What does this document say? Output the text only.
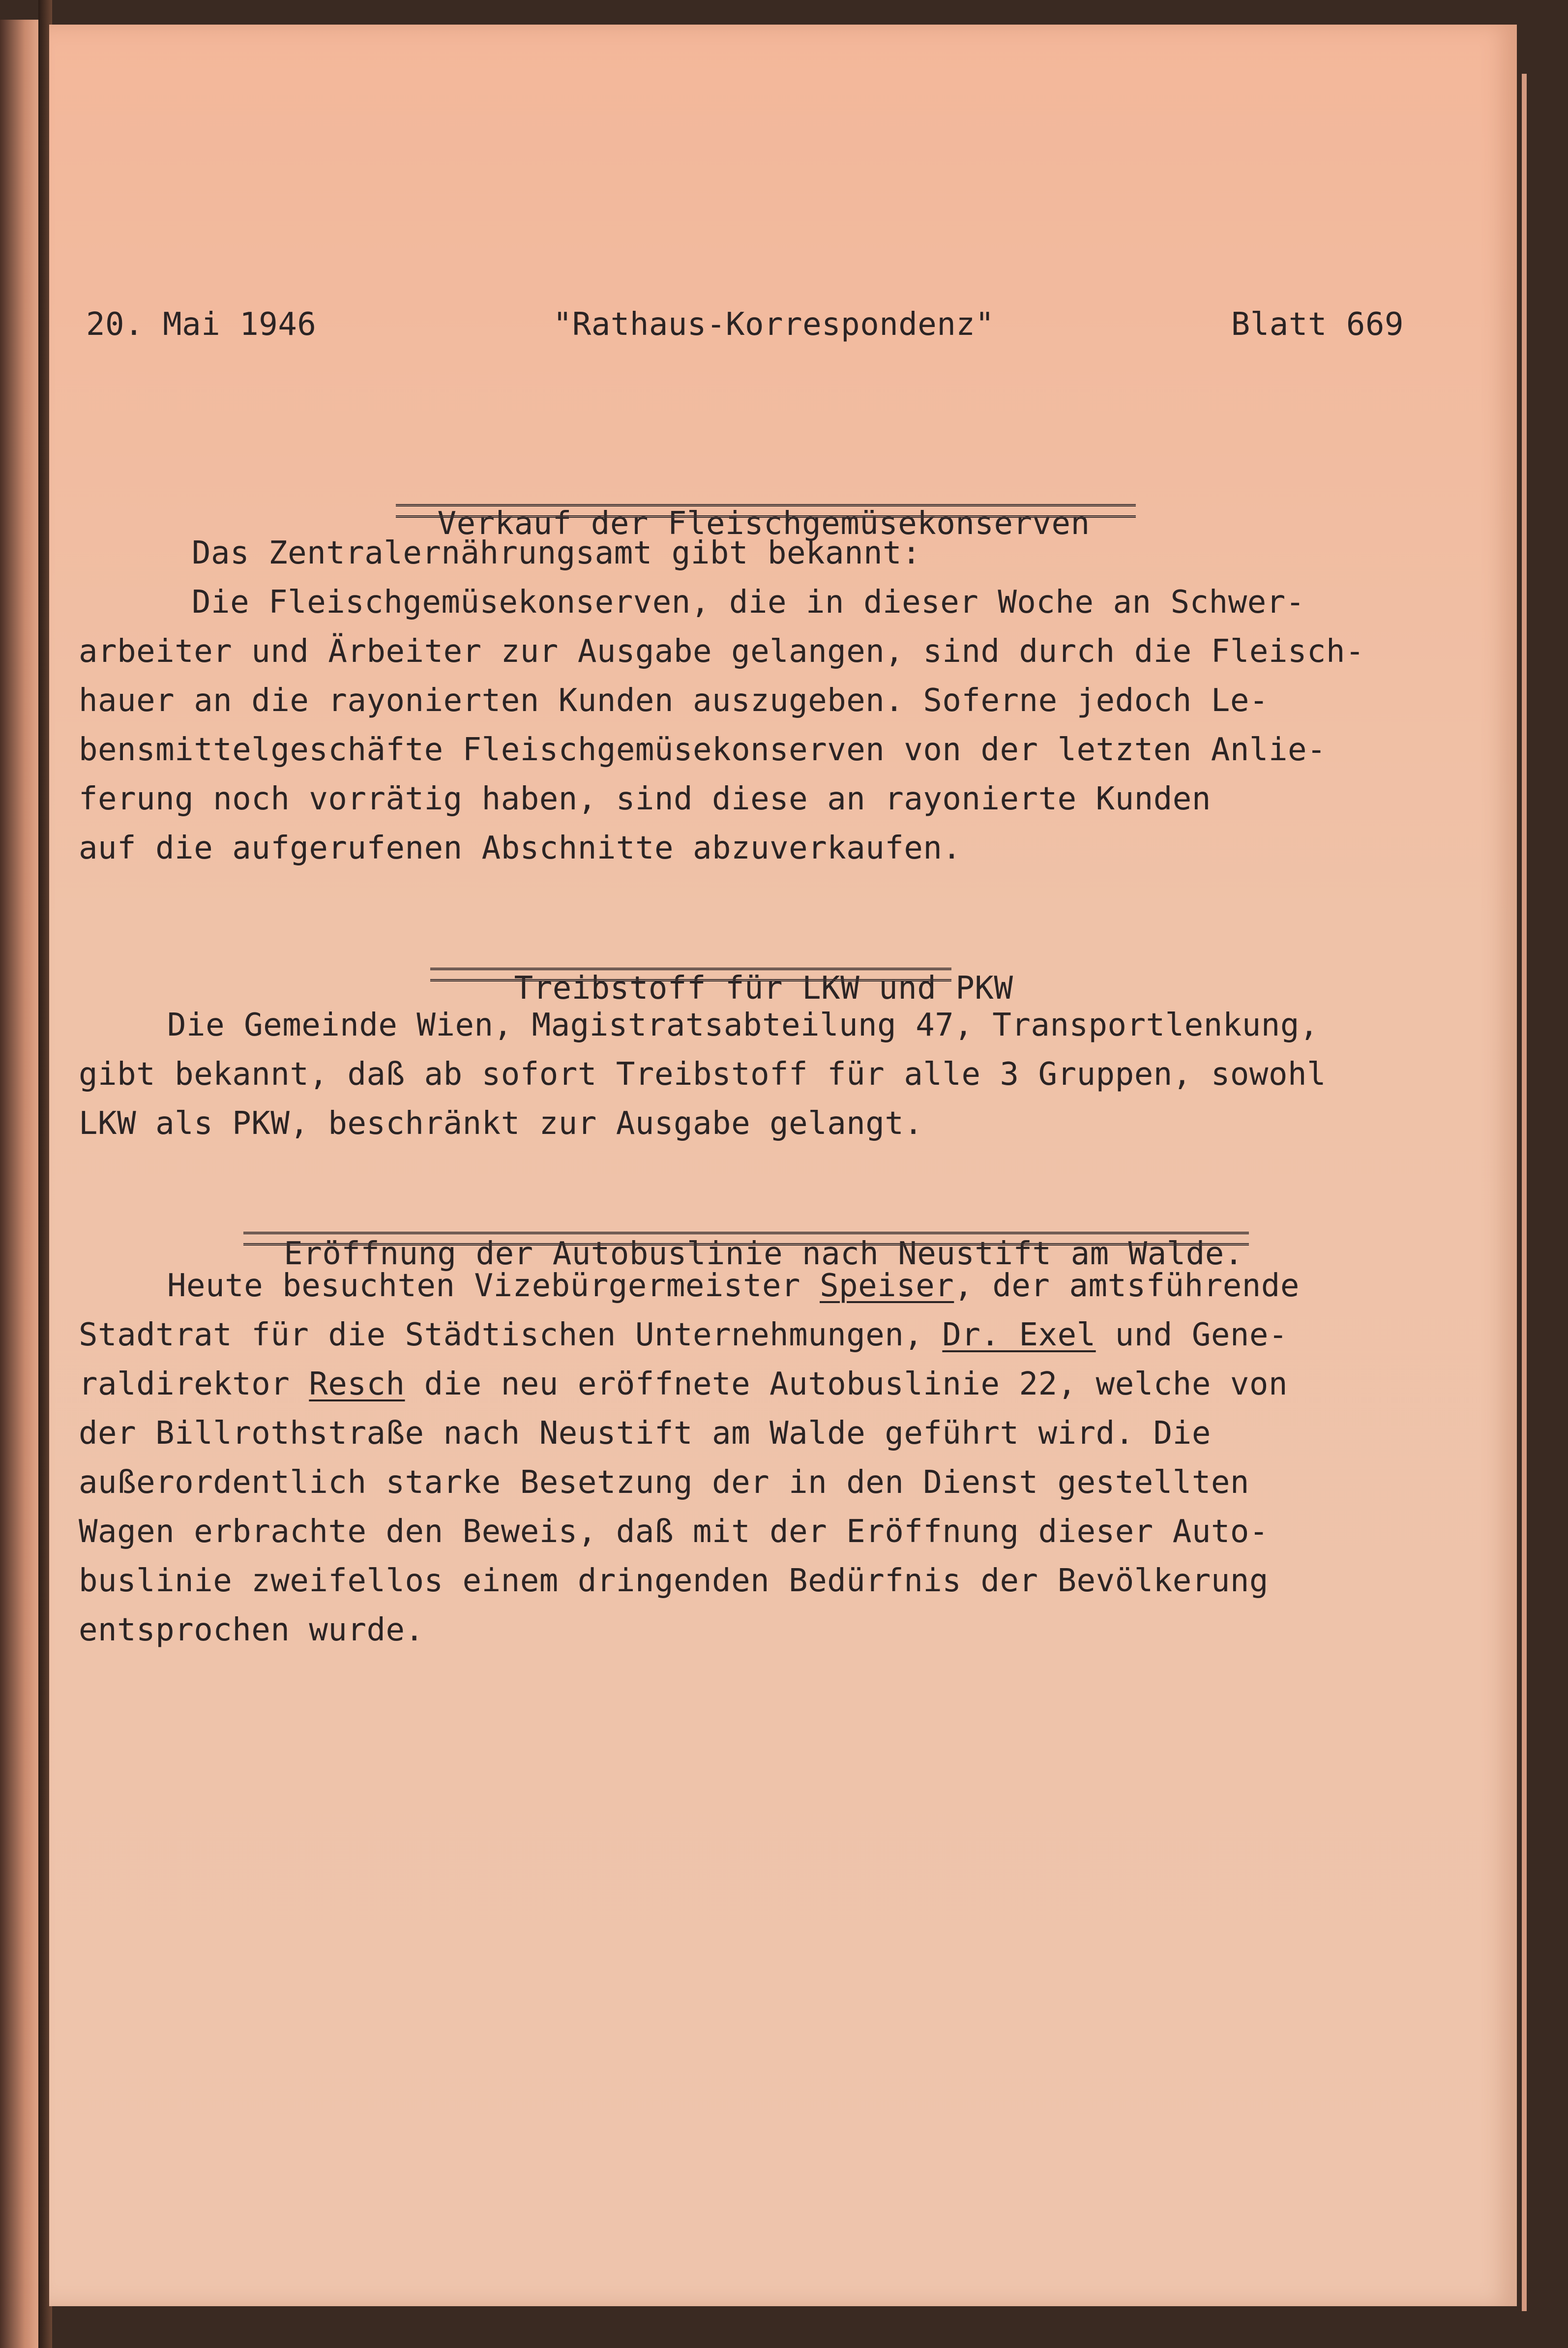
20. Mai 1946	"Rathaus-Korrespondenz"	Blatt 669

Verkauf der Fleischgemüsekonserven

Das Zentralernährungsamt gibt bekannt:
Die Fleischgemüsekonserven, die in dieser Woche an Schwer-
arbeiter und Ärbeiter zur Ausgabe gelangen, sind durch die Fleisch-
hauer an die rayonierten Kunden auszugeben. Soferne jedoch Le-
bensmittelgeschäfte Fleischgemüsekonserven von der letzten Anlie-
ferung noch vorrätig haben, sind diese an rayonierte Kunden
auf die aufgerufenen Abschnitte abzuverkaufen.

Treibstoff für LKW und PKW

Die Gemeinde Wien, Magistratsabteilung 47, Transportlenkung,
gibt bekannt, daß ab sofort Treibstoff für alle 3 Gruppen, sowohl
LKW als PKW, beschränkt zur Ausgabe gelangt.

Eröffnung der Autobuslinie nach Neustift am Walde.

Heute besuchten Vizebürgermeister Speiser, der amtsführende
Stadtrat für die Städtischen Unternehmungen, Dr. Exel und Gene-
raldirektor Resch die neu eröffnete Autobuslinie 22, welche von
der Billrothstraße nach Neustift am Walde geführt wird. Die
außerordentlich starke Besetzung der in den Dienst gestellten
Wagen erbrachte den Beweis, daß mit der Eröffnung dieser Auto-
buslinie zweifellos einem dringenden Bedürfnis der Bevölkerung
entsprochen wurde.
